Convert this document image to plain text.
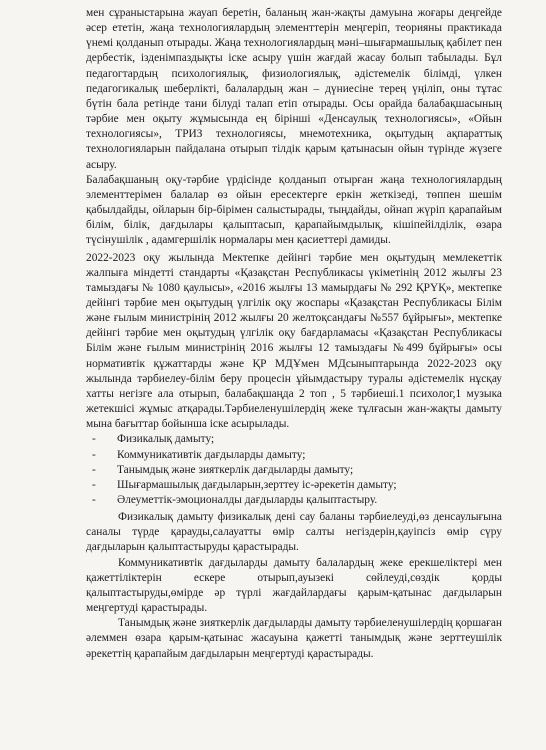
мен сұраныстарына жауап беретін, баланың жан-жақты дамуына жоғары деңгейде әсер ететін, жаңа технологиялардың элементтерін меңгеріп, теорияны практикада үнемі қолданып отырады. Жаңа технологиялардың мәні–шығармашылық қабілет пен дербестік, ізденімпаздықты іске асыру үшін жағдай жасау болып табылады. Бұл педагогтардың психологиялық, физиологиялық, әдістемелік білімді, үлкен педагогикалық шеберлікті, балалардың жан – дүниесіне терең үңіліп, оны тұтас бүтін бала ретінде тани білуді талап етіп отырады. Осы орайда балабақшасының тәрбие мен оқыту жұмысында ең бірінші «Денсаулық технологиясы», «Ойын технологиясы», ТРИЗ технологиясы, мнемотехника, оқытудың ақпараттық технологияларын пайдалана отырып тілдік қарым қатынасын ойын түрінде жүзеге асыру.

Балабақшаның оқу-тәрбие үрдісінде қолданып отырған жаңа технологиялардың элементтерімен балалар өз ойын ересектерге еркін жеткізеді, төппен шешім қабылдайды, ойларын бір-бірімен салыстырады, тыңдайды, ойнап жүріп қарапайым білім, білік, дағдылары қалыптасып, қарапайымдылық, кішіпейілділік, өзара түсінушілік , адамгершілік нормалары мен қасиеттері дамиды.

2022-2023 оқу жылында Мектепке дейінгі тәрбие мен оқытудың мемлекеттік жалпыға міндетті стандарты «Қазақстан Республикасы үкіметінің 2012 жылғы 23 тамыздағы № 1080 қаулысы», «2016 жылғы 13 мамырдағы № 292 ҚРҮҚ», мектепке дейінгі тәрбие мен оқытудың үлгілік оқу жоспары «Қазақстан Республикасы Білім және ғылым министрінің 2012 жылғы 20 желтоқсандағы №557 бұйрығы», мектепке дейінгі тәрбие мен оқытудың үлгілік оқу бағдарламасы «Қазақстан Республикасы Білім және ғылым министрінің 2016 жылғы 12 тамыздағы №499 бұйрығы» осы нормативтік құжаттарды және ҚР МДҰмен МДсыныптарында 2022-2023 оқу жылында тәрбиелеу-білім беру процесін ұйымдастыру туралы әдістемелік нұсқау хатты негізге ала отырып, балабақшаңда 2 топ , 5 тәрбиеші.1 психолог,1 музыка жетекшісі жұмыс атқарады.Тәрбиеленушілердің жеке тұлғасын жан-жақты дамыту мына бағыттар бойынша іске асырылады.

- Физикалық дамыту;
- Коммуникативтік дағдыларды дамыту;
- Танымдық және зияткерлік дағдыларды дамыту;
- Шығармашылық дағдыларын,зерттеу іс-әрекетін дамыту;
- Әлеуметтік-эмоционалды дағдыларды қалыптастыру.

Физикалық дамыту физикалық дені сау баланы тәрбиелеуді,өз денсаулығына саналы түрде қарауды,салауатты өмір салты негіздерін,қауіпсіз өмір сүру дағдыларын қалыптастыруды қарастырады.

Коммуникативтік дағдыларды дамыту балалардың жеке ерекшеліктері мен қажеттіліктерін ескере отырып,ауызекі сөйлеуді,сөздік қорды қалыптастыруды,өмірде әр түрлі жағдайлардағы қарым-қатынас дағдыларын меңгертуді қарастырады.

Танымдық және зияткерлік дағдыларды дамыту тәрбиеленушілердің қоршаған әлеммен өзара қарым-қатынас жасауына қажетті танымдық және зерттеушілік әрекеттің қарапайым дағдыларын меңгертуді қарастырады.
